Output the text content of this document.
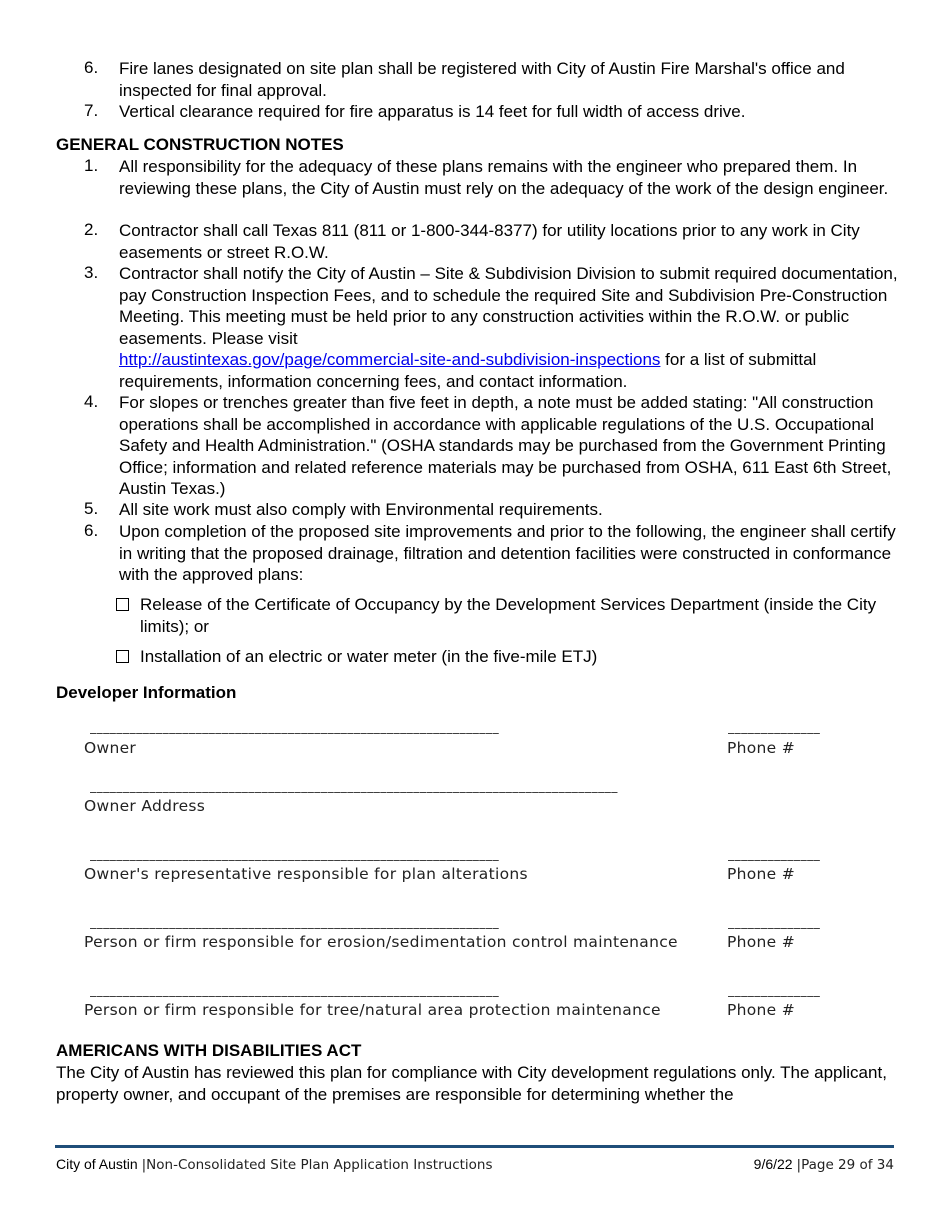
6. Fire lanes designated on site plan shall be registered with City of Austin Fire Marshal's office and inspected for final approval.
7. Vertical clearance required for fire apparatus is 14 feet for full width of access drive.
GENERAL CONSTRUCTION NOTES
1. All responsibility for the adequacy of these plans remains with the engineer who prepared them. In reviewing these plans, the City of Austin must rely on the adequacy of the work of the design engineer.
2. Contractor shall call Texas 811 (811 or 1-800-344-8377) for utility locations prior to any work in City easements or street R.O.W.
3. Contractor shall notify the City of Austin – Site & Subdivision Division to submit required documentation, pay Construction Inspection Fees, and to schedule the required Site and Subdivision Pre-Construction Meeting. This meeting must be held prior to any construction activities within the R.O.W. or public easements. Please visit
http://austintexas.gov/page/commercial-site-and-subdivision-inspections for a list of submittal requirements, information concerning fees, and contact information.
4. For slopes or trenches greater than five feet in depth, a note must be added stating: "All construction operations shall be accomplished in accordance with applicable regulations of the U.S. Occupational Safety and Health Administration." (OSHA standards may be purchased from the Government Printing Office; information and related reference materials may be purchased from OSHA, 611 East 6th Street, Austin Texas.)
5. All site work must also comply with Environmental requirements.
6. Upon completion of the proposed site improvements and prior to the following, the engineer shall certify in writing that the proposed drainage, filtration and detention facilities were constructed in conformance with the approved plans:
Release of the Certificate of Occupancy by the Development Services Department (inside the City limits); or
Installation of an electric or water meter (in the five-mile ETJ)
Developer Information
______________________________________________________________	______________
Owner	Phone #
________________________________________________________________________________
Owner Address
______________________________________________________________	______________
Owner's representative responsible for plan alterations	Phone #
______________________________________________________________	______________
Person or firm responsible for erosion/sedimentation control maintenance	Phone #
______________________________________________________________	______________
Person or firm responsible for tree/natural area protection maintenance	Phone #
AMERICANS WITH DISABILITIES ACT
The City of Austin has reviewed this plan for compliance with City development regulations only. The applicant, property owner, and occupant of the premises are responsible for determining whether the
City of Austin |Non-Consolidated Site Plan Application Instructions	9/6/22 |Page 29 of 34
